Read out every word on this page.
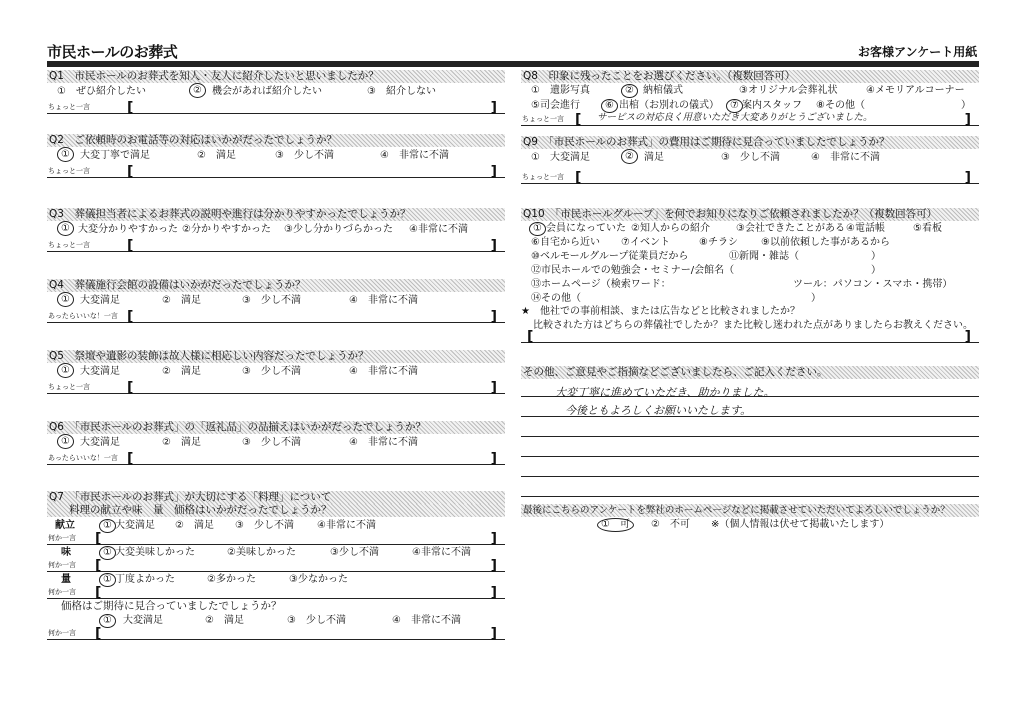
市民ホールのお葬式	お客様アンケート用紙
Q1　市民ホールのお葬式を知人・友人に紹介したいと思いましたか？
①　ぜひ紹介したい	②	機会があれば紹介したい	③　紹介しない
ちょっと一言	[	]
Q2　ご依頼時のお電話等の対応はいかがだったでしょうか？
①	大変丁寧で満足	②　満足	③　少し不満	④　非常に不満
ちょっと一言	[	]
Q3　葬儀担当者によるお葬式の説明や進行は分かりやすかったでしょうか？
① 大変分かりやすかった ②分かりやすかった ③少し分かりづらかった ④非常に不満
ちょっと一言	[	]
Q4　葬儀施行会館の設備はいかがだったでしょうか？
①	大変満足	②　満足	③　少し不満	④　非常に不満
あったらいいな！一言 [	]
Q5　祭壇や遺影の装飾は故人様に相応しい内容だったでしょうか？
①	大変満足	②　満足	③　少し不満	④　非常に不満
ちょっと一言	[	]
Q6　「市民ホールのお葬式」の「返礼品」の品揃えはいかがだったでしょうか？
①	大変満足	②　満足	③　少し不満	④　非常に不満
あったらいいな！一言 [	]
Q7　「市民ホールのお葬式」が大切にする「料理」について
料理の献立や味　量　価格はいかがだったでしょうか？
献立	① 大変満足 ②　満足 ③　少し不満 ④非常に不満
何か一言 [	]
味	① 大変美味しかった	②美味しかった	③少し不満	④非常に不満
何か一言 [	]
量	① 丁度よかった	②多かった	③少なかった
何か一言 [	]
価格はご期待に見合っていましたでしょうか？
①	大変満足	②　満足	③　少し不満	④　非常に不満
何か一言 [	]
Q8　印象に残ったことをお選びください。（複数回答可）
①　遺影写真	② 納棺儀式	③オリジナル会葬礼状	④メモリアルコーナー
⑤司会進行	⑥ 出棺（お別れの儀式）	⑦ 案内スタッフ ⑧その他（	）
ちょっと一言 [ サービスの対応良く用意いただき大変ありがとうございました。	]
Q9　「市民ホールのお葬式」の費用はご期待に見合っていましたでしょうか？
①　大変満足	②	満足	③　少し不満	④　非常に不満
ちょっと一言 [	]
Q10　「市民ホールグループ」を何でお知りになりご依頼されましたか？（複数回答可）
① 会員になっていた ②知人からの紹介	③会社できたことがある ④電話帳	⑤看板
⑥自宅から近い ⑦イベント	⑧チラシ ⑨以前依頼した事があるから
⑩ベルモールグループ従業員だから	⑪新聞・雑誌（	）
⑫市民ホールでの勉強会・セミナー/会館名（	）
⑬ホームページ（検索ワード：	ツール：パソコン・スマホ・携帯）
⑭その他（	）
★　他社での事前相談、または広告などと比較されましたか？
比較された方はどちらの葬儀社でしたか？また比較し迷われた点がありましたらお教えください。
[	]
その他、ご意見やご指摘などございましたら、ご記入ください。
大変丁寧に進めていただき、助かりました。
今後ともよろしくお願いいたします。
最後にこちらのアンケートを弊社のホームページなどに掲載させていただいてよろしいでしょうか？
①　可	②　不可 ※（個人情報は伏せて掲載いたします）
